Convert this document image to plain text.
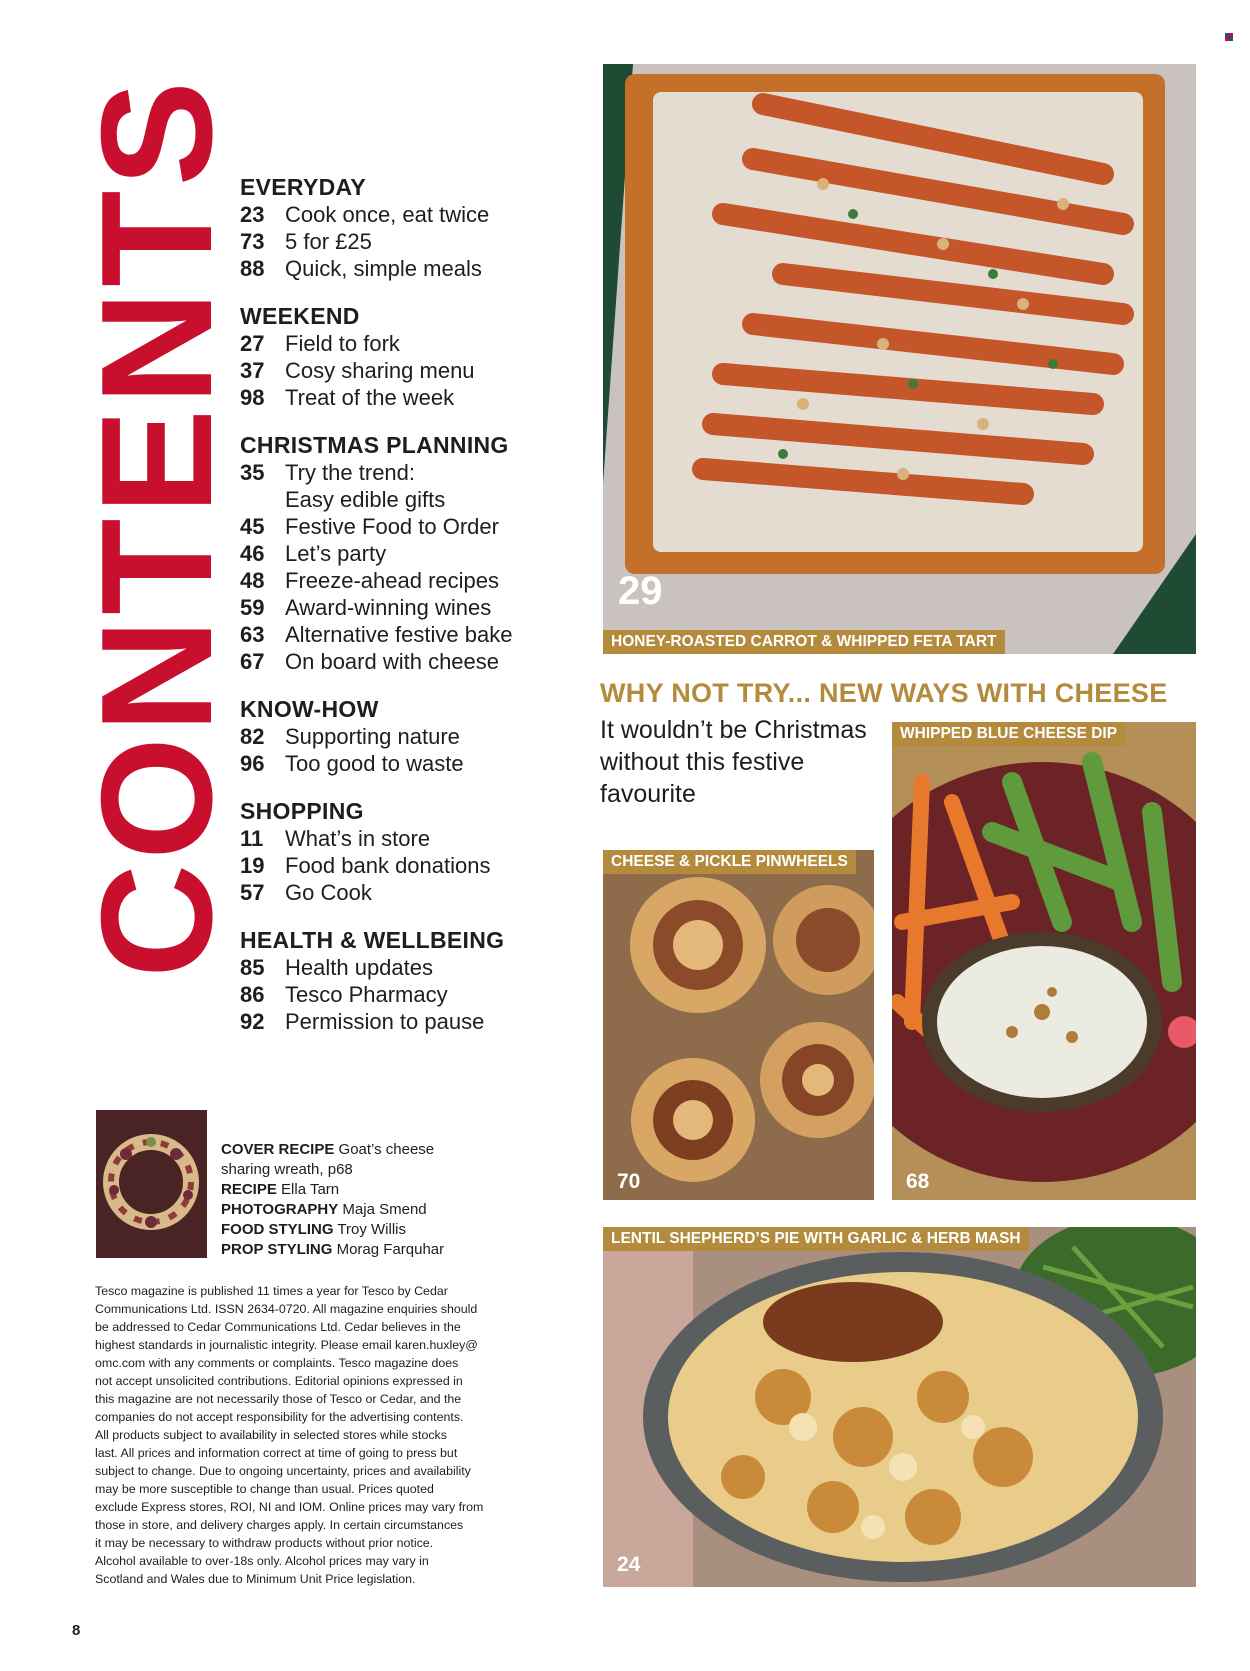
CONTENTS
EVERYDAY
23 Cook once, eat twice
73 5 for £25
88 Quick, simple meals
WEEKEND
27 Field to fork
37 Cosy sharing menu
98 Treat of the week
CHRISTMAS PLANNING
35 Try the trend:
Easy edible gifts
45 Festive Food to Order
46 Let’s party
48 Freeze-ahead recipes
59 Award-winning wines
63 Alternative festive bake
67 On board with cheese
KNOW-HOW
82 Supporting nature
96 Too good to waste
SHOPPING
11 What’s in store
19 Food bank donations
57 Go Cook
HEALTH & WELLBEING
85 Health updates
86 Tesco Pharmacy
92 Permission to pause
COVER RECIPE Goat’s cheese sharing wreath, p68
RECIPE Ella Tarn
PHOTOGRAPHY Maja Smend
FOOD STYLING Troy Willis
PROP STYLING Morag Farquhar
Tesco magazine is published 11 times a year for Tesco by Cedar
Communications Ltd. ISSN 2634-0720. All magazine enquiries should
be addressed to Cedar Communications Ltd. Cedar believes in the
highest standards in journalistic integrity. Please email karen.huxley@
omc.com with any comments or complaints. Tesco magazine does
not accept unsolicited contributions. Editorial opinions expressed in
this magazine are not necessarily those of Tesco or Cedar, and the
companies do not accept responsibility for the advertising contents.
All products subject to availability in selected stores while stocks
last. All prices and information correct at time of going to press but
subject to change. Due to ongoing uncertainty, prices and availability
may be more susceptible to change than usual. Prices quoted
exclude Express stores, ROI, NI and IOM. Online prices may vary from
those in store, and delivery charges apply. In certain circumstances
it may be necessary to withdraw products without prior notice.
Alcohol available to over-18s only. Alcohol prices may vary in
Scotland and Wales due to Minimum Unit Price legislation.
8
29
HONEY-ROASTED CARROT & WHIPPED FETA TART
WHY NOT TRY... NEW WAYS WITH CHEESE
It wouldn’t be Christmas without this festive favourite
WHIPPED BLUE CHEESE DIP
68
CHEESE & PICKLE PINWHEELS
70
LENTIL SHEPHERD’S PIE WITH GARLIC & HERB MASH
24
